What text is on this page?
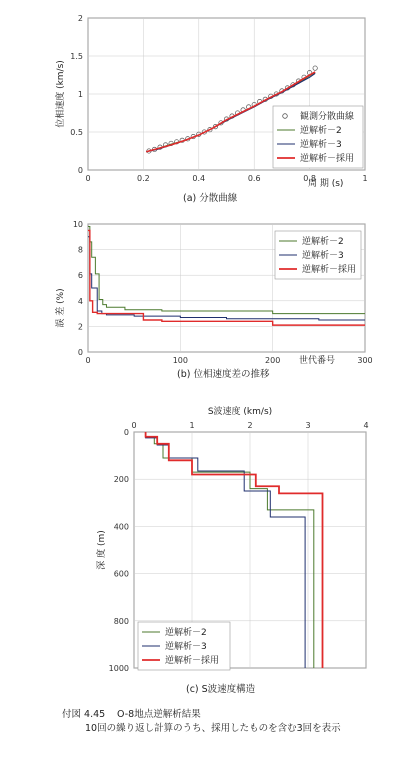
0	0.2	0.4	0.6	0.8	1
0
0.5
1
1.5
2
周 期 (s)
位相速度 (km/s)	観測分散曲線
逆解析－2
逆解析－3
逆解析－採用
0	100	200	300
0
2
4
6
8
10
世代番号
誤 差 (%)
逆解析－2
逆解析－3
逆解析－採用
0	1	2	3	4
0
200
400
600
800
1000
S波速度 (km/s)
深 度 (m)
逆解析－2
逆解析－3
逆解析－採用
(a) 分散曲線
(b) 位相速度差の推移
(c) S波速度構造
付図 4.45 O-8地点逆解析結果
10回の繰り返し計算のうち、採用したものを含む3回を表示
